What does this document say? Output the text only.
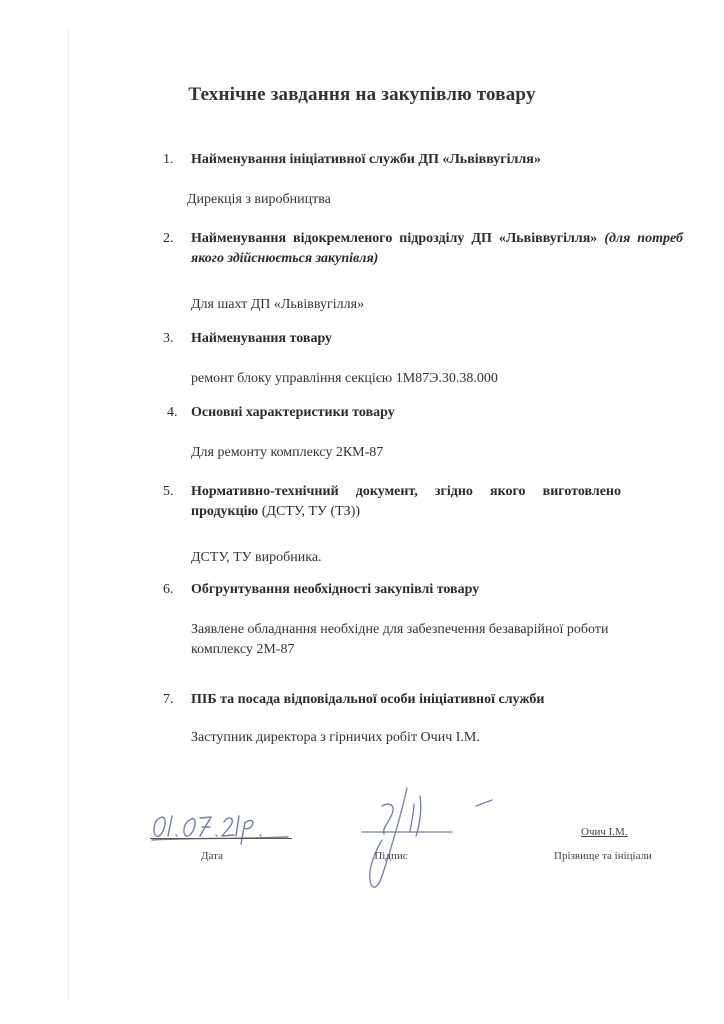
Технічне завдання на закупівлю товару
1.	Найменування ініціативної служби ДП «Львіввугілля»
Дирекція з виробництва
2.	Найменування відокремленого підрозділу ДП «Львіввугілля» (для потреб якого здійснюється закупівля)
Для шахт ДП «Львіввугілля»
3.	Найменування товару
ремонт блоку управління секцією 1М87Э.30.38.000
4. Основні характеристики товару
Для ремонту комплексу 2КМ-87
5.	Нормативно-технічний документ, згідно якого виготовлено продукцію (ДСТУ, ТУ (ТЗ))
ДСТУ, ТУ виробника.
6.	Обгрунтування необхідності закупівлі товару
Заявлене обладнання необхідне для забезпечення безаварійної роботи комплексу 2М-87
7.	ПІБ та посада відповідальної особи ініціативної служби
Заступник директора з гірничих робіт Очич І.М.
Дата	Підпис
Очич І.М.
Прізвище та ініціали
